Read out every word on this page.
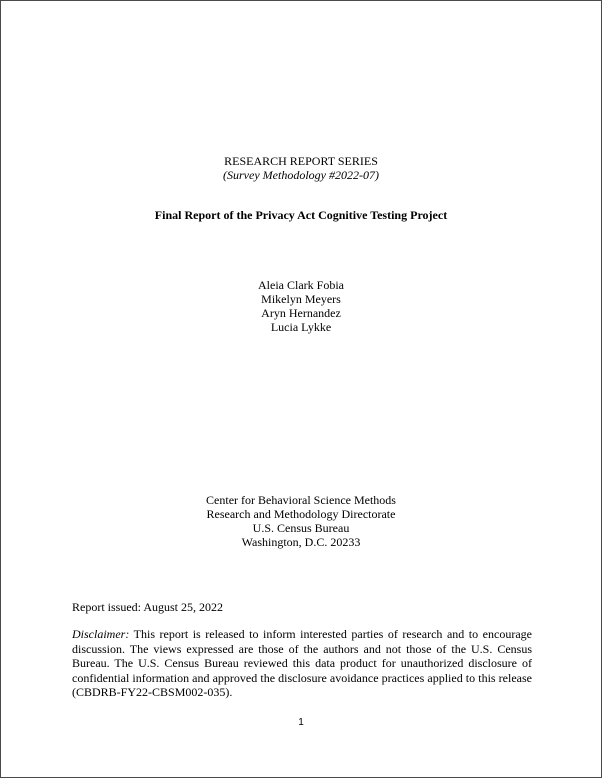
RESEARCH REPORT SERIES
(Survey Methodology #2022-07)
Final Report of the Privacy Act Cognitive Testing Project
Aleia Clark Fobia
Mikelyn Meyers
Aryn Hernandez
Lucia Lykke
Center for Behavioral Science Methods
Research and Methodology Directorate
U.S. Census Bureau
Washington, D.C. 20233
Report issued: August 25, 2022
Disclaimer: This report is released to inform interested parties of research and to encourage discussion. The views expressed are those of the authors and not those of the U.S. Census Bureau. The U.S. Census Bureau reviewed this data product for unauthorized disclosure of confidential information and approved the disclosure avoidance practices applied to this release (CBDRB-FY22-CBSM002-035).
1
